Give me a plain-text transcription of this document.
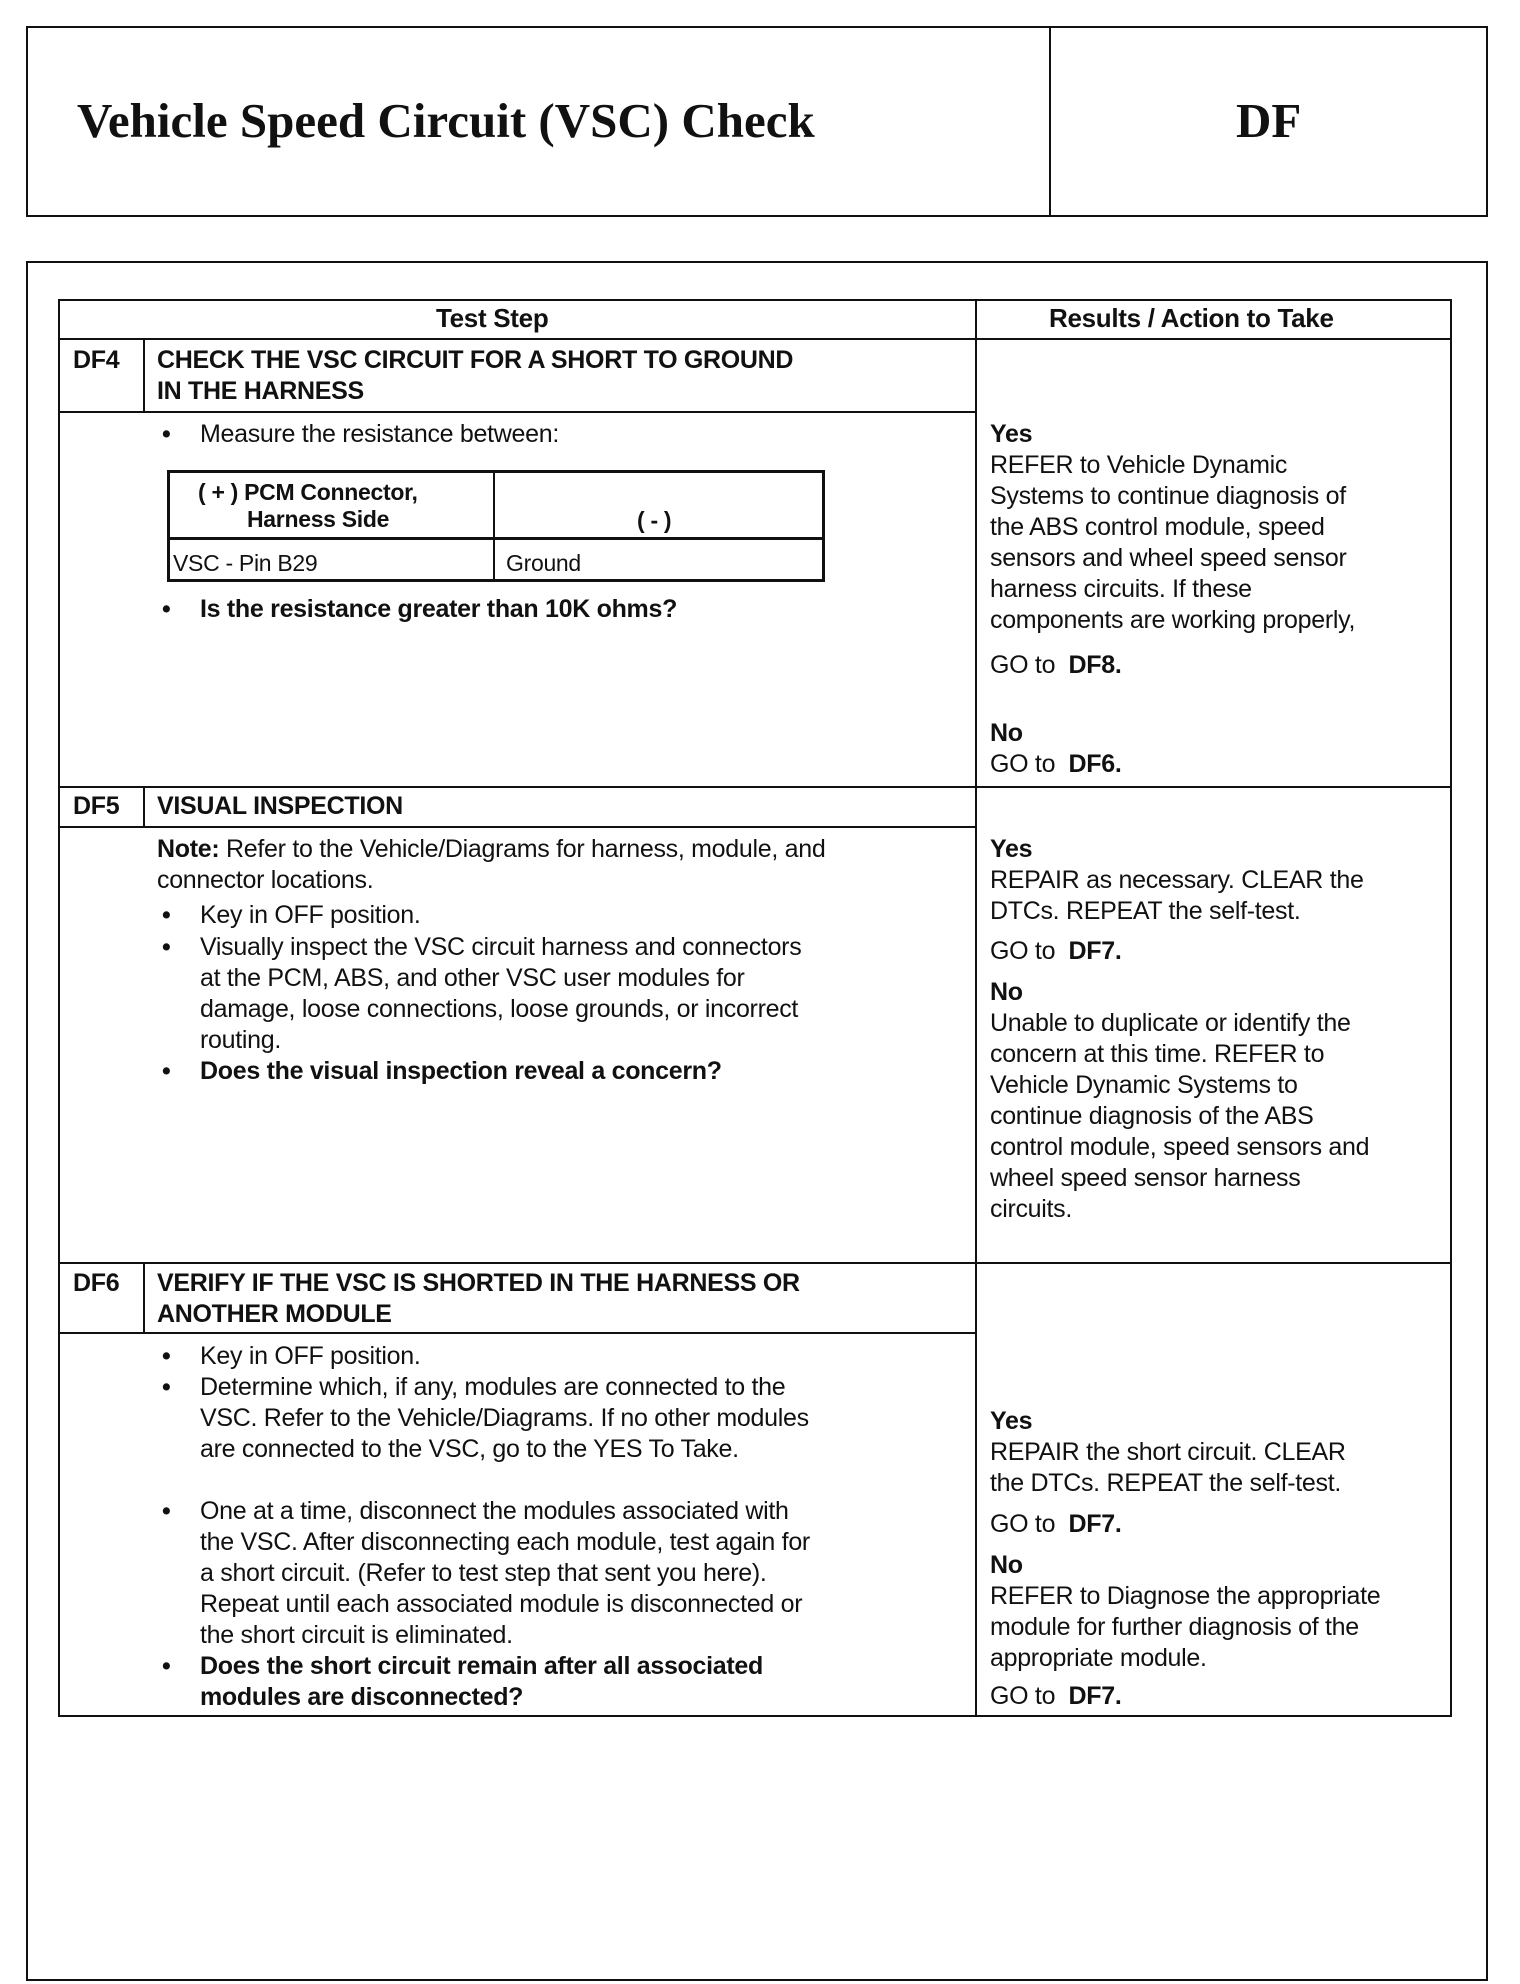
Vehicle Speed Circuit (VSC) Check	DF
Test Step	Results / Action to Take
DF4 CHECK THE VSC CIRCUIT FOR A SHORT TO GROUND
IN THE HARNESS
• Measure the resistance between:
( + ) PCM Connector,
Harness Side	( - )
VSC - Pin B29	Ground
• Is the resistance greater than 10K ohms?
Yes
REFER to Vehicle Dynamic
Systems to continue diagnosis of
the ABS control module, speed
sensors and wheel speed sensor
harness circuits. If these
components are working properly,
GO to DF8.
No
GO to DF6.
DF5 VISUAL INSPECTION
Note: Refer to the Vehicle/Diagrams for harness, module, and
connector locations.
• Key in OFF position.
• Visually inspect the VSC circuit harness and connectors
at the PCM, ABS, and other VSC user modules for
damage, loose connections, loose grounds, or incorrect
routing.
• Does the visual inspection reveal a concern?
Yes
REPAIR as necessary. CLEAR the
DTCs. REPEAT the self-test.
GO to DF7.
No
Unable to duplicate or identify the
concern at this time. REFER to
Vehicle Dynamic Systems to
continue diagnosis of the ABS
control module, speed sensors and
wheel speed sensor harness
circuits.
DF6 VERIFY IF THE VSC IS SHORTED IN THE HARNESS OR
ANOTHER MODULE
• Key in OFF position.
• Determine which, if any, modules are connected to the
VSC. Refer to the Vehicle/Diagrams. If no other modules
are connected to the VSC, go to the YES To Take.
• One at a time, disconnect the modules associated with
the VSC. After disconnecting each module, test again for
a short circuit. (Refer to test step that sent you here).
Repeat until each associated module is disconnected or
the short circuit is eliminated.
• Does the short circuit remain after all associated
modules are disconnected?
Yes
REPAIR the short circuit. CLEAR
the DTCs. REPEAT the self-test.
GO to DF7.
No
REFER to Diagnose the appropriate
module for further diagnosis of the
appropriate module.
GO to DF7.
